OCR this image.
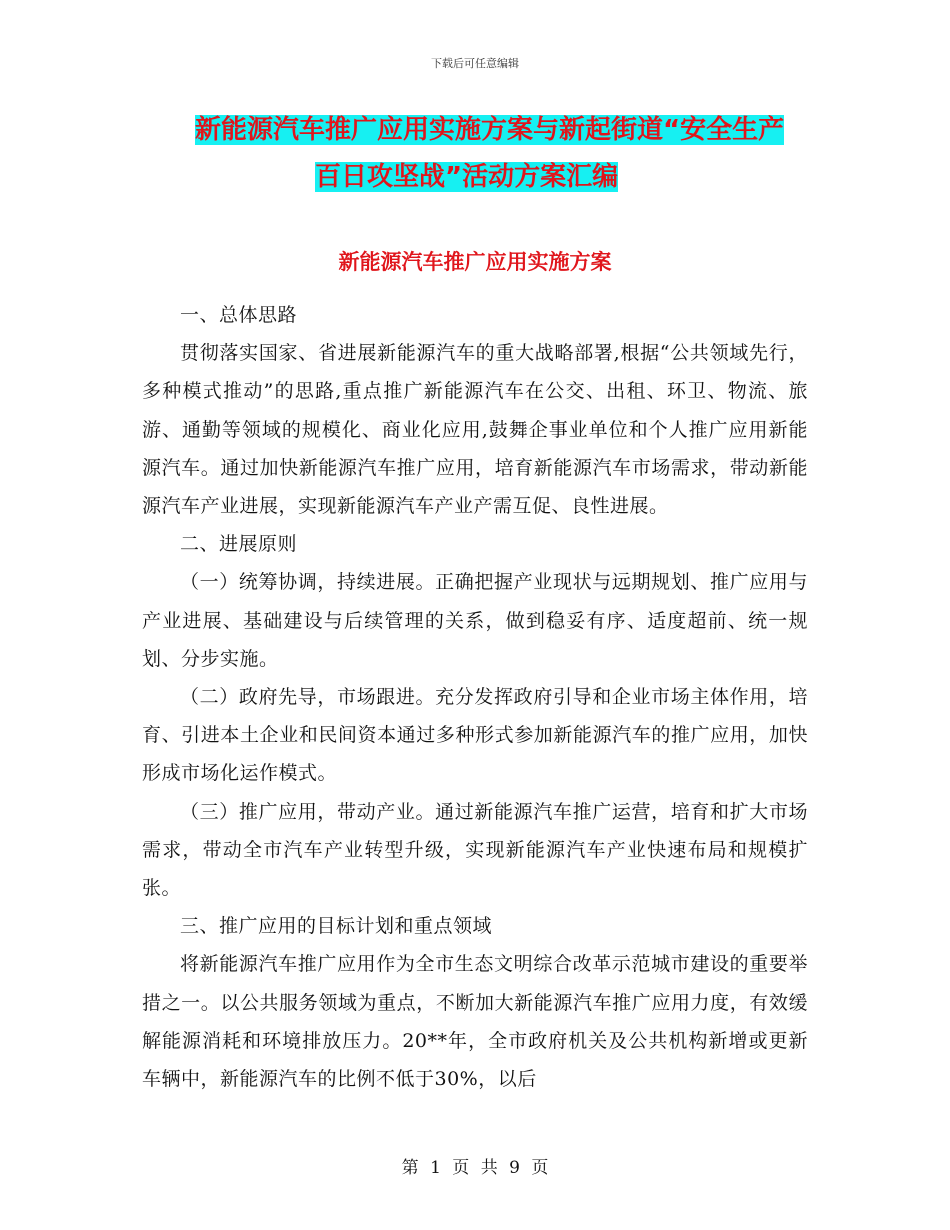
下载后可任意编辑
新能源汽车推广应用实施方案与新起街道“安全生产
百日攻坚战”活动方案汇编
新能源汽车推广应用实施方案

一、总体思路

贯彻落实国家、省进展新能源汽车的重大战略部署,根据“公共领域先行，多种模式推动”的思路,重点推广新能源汽车在公交、出租、环卫、物流、旅游、通勤等领域的规模化、商业化应用,鼓舞企事业单位和个人推广应用新能源汽车。通过加快新能源汽车推广应用，培育新能源汽车市场需求，带动新能源汽车产业进展，实现新能源汽车产业产需互促、良性进展。

二、进展原则

（一）统筹协调，持续进展。正确把握产业现状与远期规划、推广应用与产业进展、基础建设与后续管理的关系，做到稳妥有序、适度超前、统一规划、分步实施。

（二）政府先导，市场跟进。充分发挥政府引导和企业市场主体作用，培育、引进本土企业和民间资本通过多种形式参加新能源汽车的推广应用，加快形成市场化运作模式。

（三）推广应用，带动产业。通过新能源汽车推广运营，培育和扩大市场需求，带动全市汽车产业转型升级，实现新能源汽车产业快速布局和规模扩张。

三、推广应用的目标计划和重点领域

将新能源汽车推广应用作为全市生态文明综合改革示范城市建设的重要举措之一。以公共服务领域为重点，不断加大新能源汽车推广应用力度，有效缓解能源消耗和环境排放压力。20**年，全市政府机关及公共机构新增或更新车辆中，新能源汽车的比例不低于30%，以后

第 1 页 共 9 页
